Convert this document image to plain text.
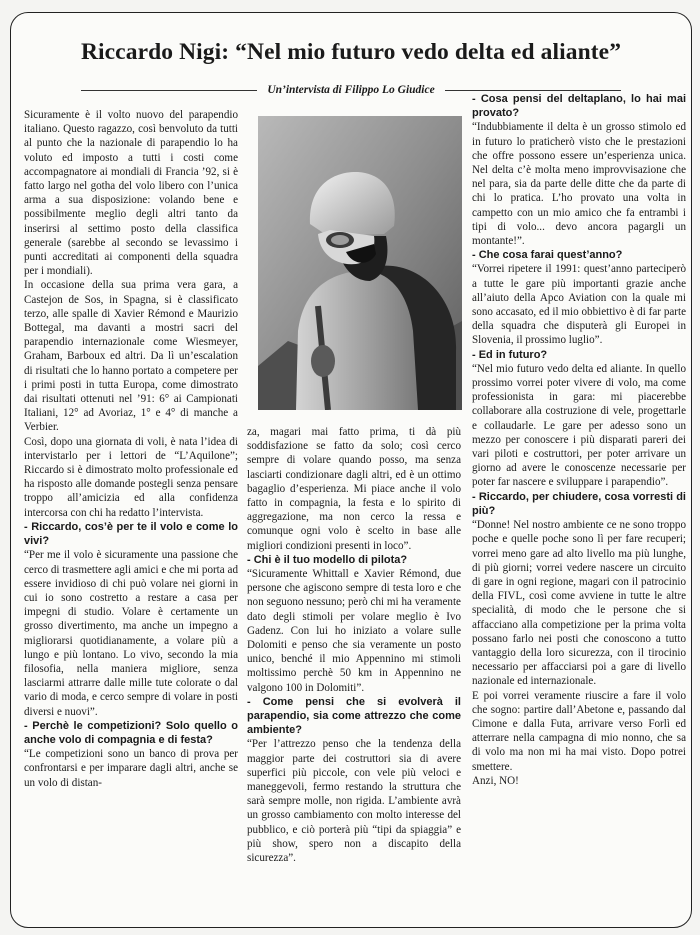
Riccardo Nigi: “Nel mio futuro vedo delta ed aliante”
Un’intervista di Filippo Lo Giudice

Sicuramente è il volto nuovo del parapendio italiano. Questo ragazzo, così benvoluto da tutti al punto che la nazionale di parapendio lo ha voluto ed imposto a tutti i costi come accompagnatore ai mondiali di Francia ’92, si è fatto largo nel gotha del volo libero con l’unica arma a sua disposizione: volando bene e possibilmente meglio degli altri tanto da inserirsi al settimo posto della classifica generale (sarebbe al secondo se levassimo i punti accreditati ai componenti della squadra per i mondiali).

In occasione della sua prima vera gara, a Castejon de Sos, in Spagna, si è classificato terzo, alle spalle di Xavier Rémond e Maurizio Bottegal, ma davanti a mostri sacri del parapendio internazionale come Wiesmeyer, Graham, Barboux ed altri. Da lì un’escalation di risultati che lo hanno portato a competere per i primi posti in tutta Europa, come dimostrato dai risultati ottenuti nel ’91: 6° ai Campionati Italiani, 12° ad Avoriaz, 1° e 4° di manche a Verbier.

Così, dopo una giornata di voli, è nata l’idea di intervistarlo per i lettori de “L’Aquilone”; Riccardo si è dimostrato molto professionale ed ha risposto alle domande postegli senza pensare troppo all’amicizia ed alla confidenza intercorsa con chi ha redatto l’intervista.

- Riccardo, cos’è per te il volo e come lo vivi?

“Per me il volo è sicuramente una passione che cerco di trasmettere agli amici e che mi porta ad essere invidioso di chi può volare nei giorni in cui io sono costretto a restare a casa per impegni di studio. Volare è certamente un grosso divertimento, ma anche un impegno a migliorarsi quotidianamente, a volare più a lungo e più lontano. Lo vivo, secondo la mia filosofia, nella maniera migliore, senza lasciarmi attrarre dalle mille tute colorate o dal vario di moda, e cerco sempre di volare in posti diversi e nuovi”.

- Perchè le competizioni? Solo quello o anche volo di compagnia e di festa?

“Le competizioni sono un banco di prova per confrontarsi e per imparare dagli altri, anche se un volo di distan-

za, magari mai fatto prima, ti dà più soddisfazione se fatto da solo; così cerco sempre di volare quando posso, ma senza lasciarti condizionare dagli altri, ed è un ottimo bagaglio d’esperienza. Mi piace anche il volo fatto in compagnia, la festa e lo spirito di aggregazione, ma non cerco la ressa e comunque ogni volo è scelto in base alle migliori condizioni presenti in loco”.

- Chi è il tuo modello di pilota?

“Sicuramente Whittall e Xavier Rémond, due persone che agiscono sempre di testa loro e che non seguono nessuno; però chi mi ha veramente dato degli stimoli per volare meglio è Ivo Gadenz. Con lui ho iniziato a volare sulle Dolomiti e penso che sia veramente un posto unico, benché il mio Appennino mi stimoli moltissimo perchè 50 km in Appennino ne valgono 100 in Dolomiti”.

- Come pensi che si evolverà il parapendio, sia come attrezzo che come ambiente?

“Per l’attrezzo penso che la tendenza della maggior parte dei costruttori sia di avere superfici più piccole, con vele più veloci e maneggevoli, fermo restando la struttura che sarà sempre molle, non rigida. L’ambiente avrà un grosso cambiamento con molto interesse del pubblico, e ciò porterà più “tipi da spiaggia” e più show, spero non a discapito della sicurezza”.

- Cosa pensi del deltaplano, lo hai mai provato?

“Indubbiamente il delta è un grosso stimolo ed in futuro lo praticherò visto che le prestazioni che offre possono essere un’esperienza unica. Nel delta c’è molta meno improvvisazione che nel para, sia da parte delle ditte che da parte di chi lo pratica. L’ho provato una volta in campetto con un mio amico che fa entrambi i tipi di volo... devo ancora pagargli un montante!”.

- Che cosa farai quest’anno?

“Vorrei ripetere il 1991: quest’anno parteciperò a tutte le gare più importanti grazie anche all’aiuto della Apco Aviation con la quale mi sono accasato, ed il mio obbiettivo è di far parte della squadra che disputerà gli Europei in Slovenia, il prossimo luglio”.

- Ed in futuro?

“Nel mio futuro vedo delta ed aliante. In quello prossimo vorrei poter vivere di volo, ma come professionista in gara: mi piacerebbe collaborare alla costruzione di vele, progettarle e collaudarle. Le gare per adesso sono un mezzo per conoscere i più disparati pareri dei vari piloti e costruttori, per poter arrivare un giorno ad avere le conoscenze necessarie per poter far nascere e sviluppare i parapendio”.

- Riccardo, per chiudere, cosa vorresti di più?

“Donne! Nel nostro ambiente ce ne sono troppo poche e quelle poche sono lì per fare recuperi; vorrei meno gare ad alto livello ma più lunghe, di più giorni; vorrei vedere nascere un circuito di gare in ogni regione, magari con il patrocinio della FIVL, così come avviene in tutte le altre specialità, di modo che le persone che si affacciano alla competizione per la prima volta possano farlo nei posti che conoscono a tutto vantaggio della loro sicurezza, con il tirocinio necessario per affacciarsi poi a gare di livello nazionale ed internazionale.

E poi vorrei veramente riuscire a fare il volo che sogno: partire dall’Abetone e, passando dal Cimone e dalla Futa, arrivare verso Forlì ed atterrare nella campagna di mio nonno, che sa di volo ma non mi ha mai visto. Dopo potrei smettere.

Anzi, NO!
